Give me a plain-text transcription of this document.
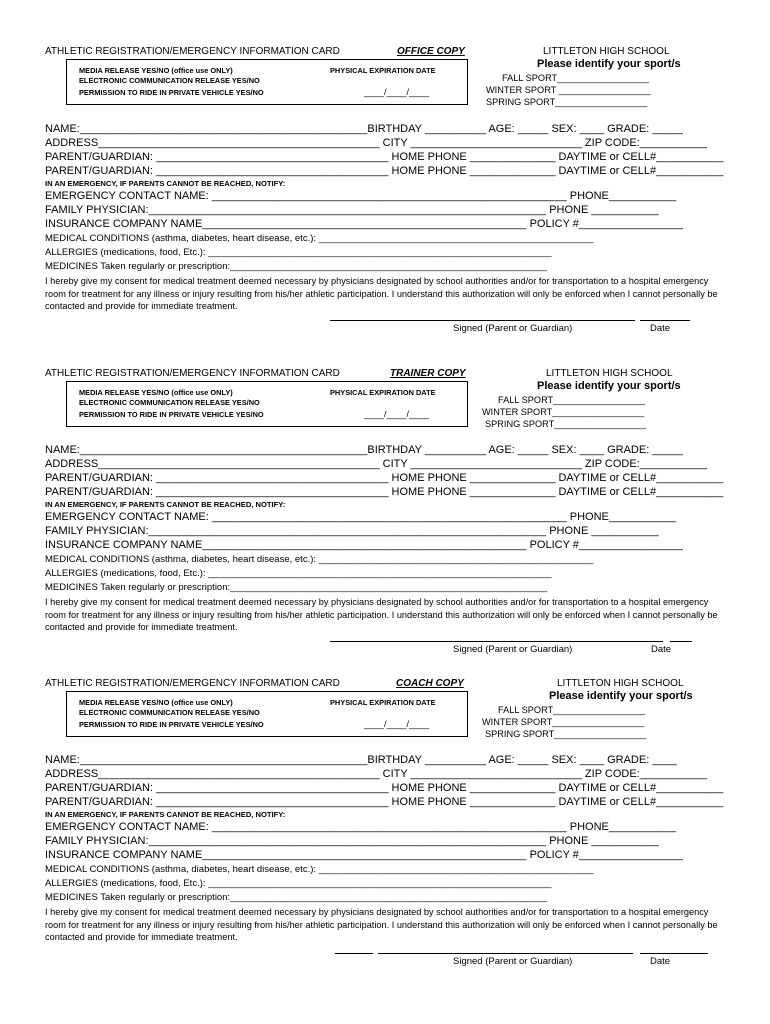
ATHLETIC REGISTRATION/EMERGENCY INFORMATION CARD	OFFICE COPY
MEDIA RELEASE YES/NO (office use ONLY)
ELECTRONIC COMMUNICATION RELEASE YES/NO
PERMISSION TO RIDE IN PRIVATE VEHICLE YES/NO
PHYSICAL EXPIRATION DATE
____/____/____
LITTLETON HIGH SCHOOL
Please identify your sport/s
FALL SPORT__________________
WINTER SPORT __________________
SPRING SPORT__________________
NAME:_______________________________________________BIRTHDAY __________ AGE: _____ SEX: ____ GRADE: _____
ADDRESS______________________________________________ CITY ____________________________ ZIP CODE:___________
PARENT/GUARDIAN: ______________________________________ HOME PHONE ______________ DAYTIME or CELL#___________
PARENT/GUARDIAN: ______________________________________ HOME PHONE ______________ DAYTIME or CELL#___________
IN AN EMERGENCY, IF PARENTS CANNOT BE REACHED, NOTIFY:
EMERGENCY CONTACT NAME: __________________________________________________________ PHONE___________
FAMILY PHYSICIAN:_________________________________________________________________ PHONE ___________
INSURANCE COMPANY NAME_____________________________________________________ POLICY #_________________
MEDICAL CONDITIONS (asthma, diabetes, heart disease, etc.): ____________________________________________________
ALLERGIES (medications, food, Etc.): _________________________________________________________________
MEDICINES Taken regularly or prescription:____________________________________________________________
I hereby give my consent for medical treatment deemed necessary by physicians designated by school authorities and/or for transportation to a hospital emergency room for treatment for any illness or injury resulting from his/her athletic participation. I understand this authorization will only be enforced when I cannot personally be contacted and provide for immediate treatment.
Signed (Parent or Guardian)	Date
ATHLETIC REGISTRATION/EMERGENCY INFORMATION CARD	TRAINER COPY
MEDIA RELEASE YES/NO (office use ONLY)
ELECTRONIC COMMUNICATION RELEASE YES/NO
PERMISSION TO RIDE IN PRIVATE VEHICLE YES/NO
PHYSICAL EXPIRATION DATE
____/____/____
LITTLETON HIGH SCHOOL
Please identify your sport/s
FALL SPORT__________________
WINTER SPORT__________________
SPRING SPORT__________________
NAME:_______________________________________________BIRTHDAY __________ AGE: _____ SEX: ____ GRADE: _____
ADDRESS______________________________________________ CITY ____________________________ ZIP CODE:___________
PARENT/GUARDIAN: ______________________________________ HOME PHONE ______________ DAYTIME or CELL#___________
PARENT/GUARDIAN: ______________________________________ HOME PHONE ______________ DAYTIME or CELL#___________
IN AN EMERGENCY, IF PARENTS CANNOT BE REACHED, NOTIFY:
EMERGENCY CONTACT NAME: __________________________________________________________ PHONE___________
FAMILY PHYSICIAN:_________________________________________________________________ PHONE ___________
INSURANCE COMPANY NAME_____________________________________________________ POLICY #_________________
MEDICAL CONDITIONS (asthma, diabetes, heart disease, etc.): ____________________________________________________
ALLERGIES (medications, food, Etc.): _________________________________________________________________
MEDICINES Taken regularly or prescription:____________________________________________________________
I hereby give my consent for medical treatment deemed necessary by physicians designated by school authorities and/or for transportation to a hospital emergency room for treatment for any illness or injury resulting from his/her athletic participation. I understand this authorization will only be enforced when I cannot personally be contacted and provide for immediate treatment.
Signed (Parent or Guardian)	Date
ATHLETIC REGISTRATION/EMERGENCY INFORMATION CARD	COACH COPY
MEDIA RELEASE YES/NO (office use ONLY)
ELECTRONIC COMMUNICATION RELEASE YES/NO
PERMISSION TO RIDE IN PRIVATE VEHICLE YES/NO
PHYSICAL EXPIRATION DATE
____/____/____
LITTLETON HIGH SCHOOL
Please identify your sport/s
FALL SPORT__________________
WINTER SPORT__________________
SPRING SPORT__________________
NAME:_______________________________________________BIRTHDAY __________ AGE: _____ SEX: ____ GRADE: ____
ADDRESS______________________________________________ CITY ____________________________ ZIP CODE:___________
PARENT/GUARDIAN: ______________________________________ HOME PHONE ______________ DAYTIME or CELL#___________
PARENT/GUARDIAN: ______________________________________ HOME PHONE ______________ DAYTIME or CELL#___________
IN AN EMERGENCY, IF PARENTS CANNOT BE REACHED, NOTIFY:
EMERGENCY CONTACT NAME: __________________________________________________________ PHONE___________
FAMILY PHYSICIAN:_________________________________________________________________ PHONE ___________
INSURANCE COMPANY NAME_____________________________________________________ POLICY #_________________
MEDICAL CONDITIONS (asthma, diabetes, heart disease, etc.): ____________________________________________________
ALLERGIES (medications, food, Etc.): _________________________________________________________________
MEDICINES Taken regularly or prescription:____________________________________________________________
I hereby give my consent for medical treatment deemed necessary by physicians designated by school authorities and/or for transportation to a hospital emergency room for treatment for any illness or injury resulting from his/her athletic participation. I understand this authorization will only be enforced when I cannot personally be contacted and provide for immediate treatment.
Signed (Parent or Guardian)	Date
